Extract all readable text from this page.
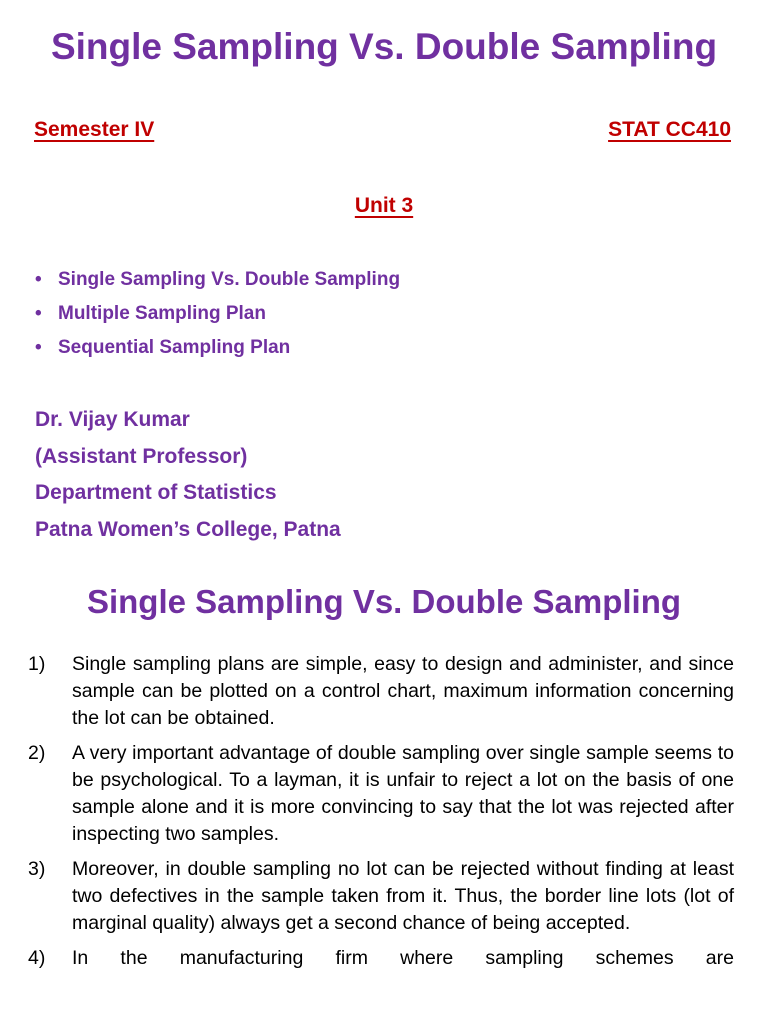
Single Sampling Vs. Double Sampling
Semester IV	STAT CC410
Unit 3
• Single Sampling Vs. Double Sampling
• Multiple Sampling Plan
• Sequential Sampling Plan
Dr. Vijay Kumar
(Assistant Professor)
Department of Statistics
Patna Women’s College, Patna
Single Sampling Vs. Double Sampling
1)	Single sampling plans are simple, easy to design and administer, and since sample can be plotted on a control chart, maximum information concerning the lot can be obtained.
2)	A very important advantage of double sampling over single sample seems to be psychological. To a layman, it is unfair to reject a lot on the basis of one sample alone and it is more convincing to say that the lot was rejected after inspecting two samples.
3)	Moreover, in double sampling no lot can be rejected without finding at least two defectives in the sample taken from it. Thus, the border line lots (lot of marginal quality) always get a second chance of being accepted.
4)	In the manufacturing firm where sampling schemes are
